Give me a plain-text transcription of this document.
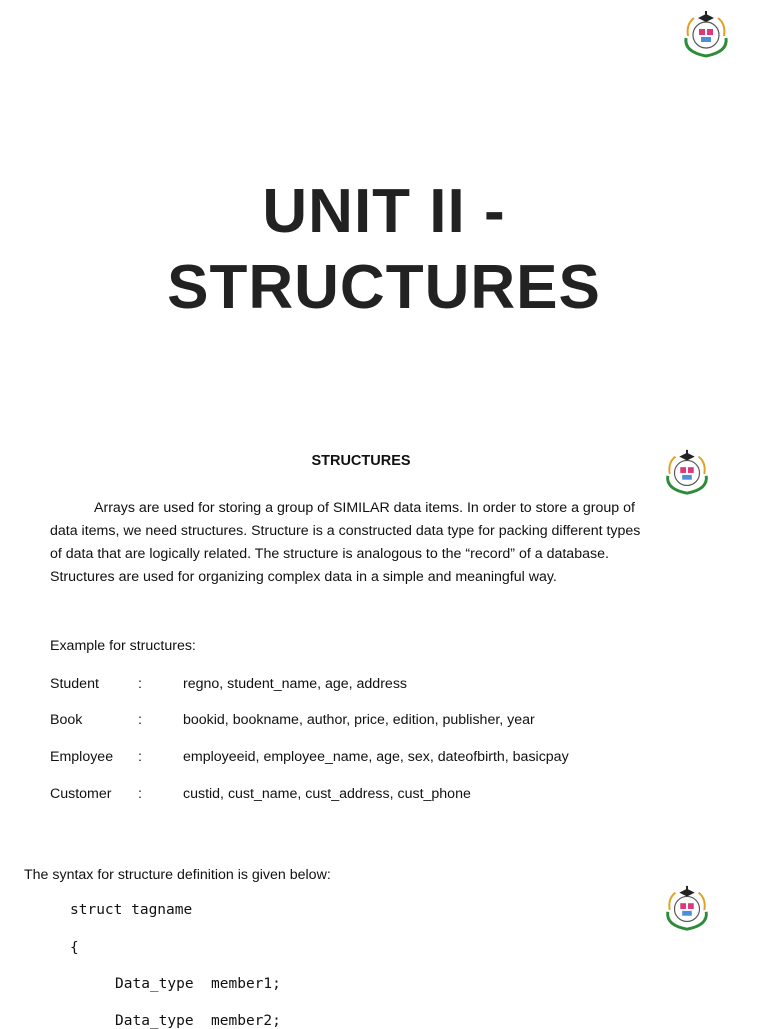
UNIT II -
STRUCTURES
STRUCTURES
Arrays are used for storing a group of SIMILAR data items. In order to store a group of
data items, we need structures. Structure is a constructed data type for packing different types
of data that are logically related. The structure is analogous to the “record” of a database.
Structures are used for organizing complex data in a simple and meaningful way.
Example for structures:
Student	:	regno, student_name, age, address
Book	:	bookid, bookname, author, price, edition, publisher, year
Employee :	employeeid, employee_name, age, sex, dateofbirth, basicpay
Customer :	custid, cust_name, cust_address, cust_phone
The syntax for structure definition is given below:
struct tagname
{
Data_type  member1;
Data_type  member2;
